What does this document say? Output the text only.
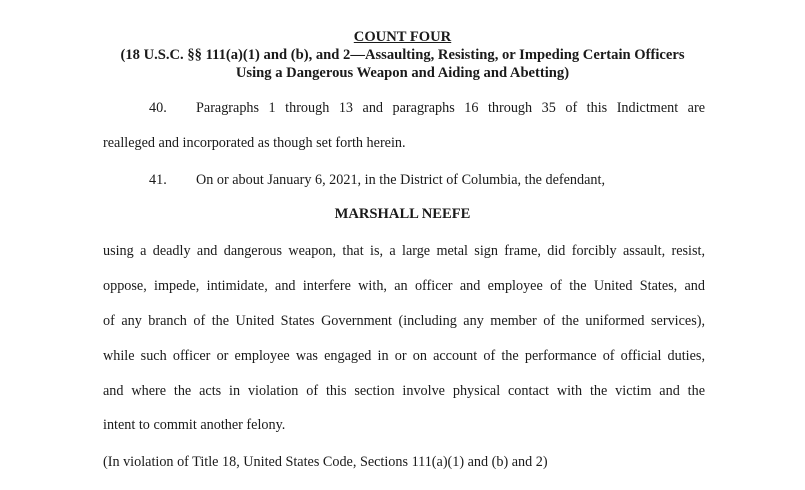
COUNT FOUR
(18 U.S.C. §§ 111(a)(1) and (b), and 2—Assaulting, Resisting, or Impeding Certain Officers
Using a Dangerous Weapon and Aiding and Abetting)
40. Paragraphs 1 through 13 and paragraphs 16 through 35 of this Indictment are
realleged and incorporated as though set forth herein.
41. On or about January 6, 2021, in the District of Columbia, the defendant,
MARSHALL NEEFE
using a deadly and dangerous weapon, that is, a large metal sign frame, did forcibly assault, resist,
oppose, impede, intimidate, and interfere with, an officer and employee of the United States, and
of any branch of the United States Government (including any member of the uniformed services),
while such officer or employee was engaged in or on account of the performance of official duties,
and where the acts in violation of this section involve physical contact with the victim and the
intent to commit another felony.
(In violation of Title 18, United States Code, Sections 111(a)(1) and (b) and 2)
